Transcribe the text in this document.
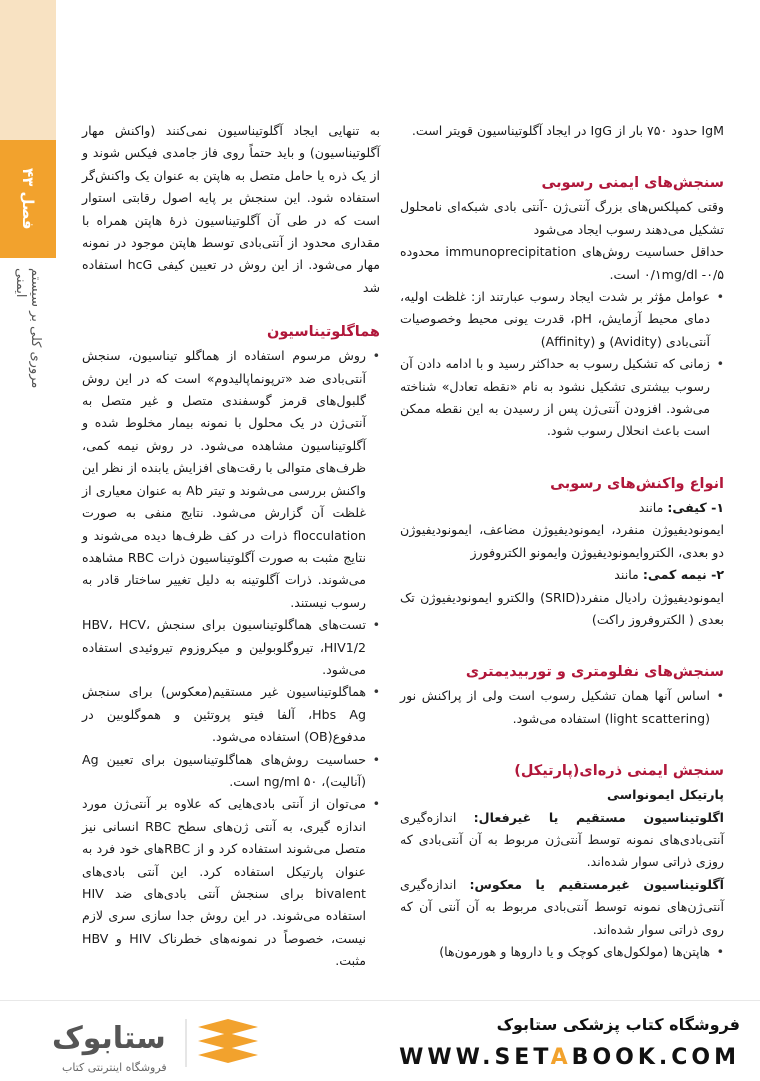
فصل ۴۳
مروری کلی بر سیستم ایمنی

IgM حدود ۷۵۰ بار از IgG در ایجاد آگلوتیناسیون قویتر است.

سنجش‌های ایمنی رسوبی

وقتی کمپلکس‌های بزرگ آنتی‌ژن -آنتی بادی شبکه‌ای نامحلول تشکیل می‌دهند رسوب ایجاد می‌شود

حداقل حساسیت روش‌های immunoprecipitation محدوده ۰/۱mg/dl -۰/۵ است.

• عوامل مؤثر بر شدت ایجاد رسوب عبارتند از: غلظت اولیه، دمای محیط آزمایش، pH، قدرت یونی محیط وخصوصیات آنتی‌بادی (Avidity) و (Affinity)
• زمانی که تشکیل رسوب به حداکثر رسید و با ادامه دادن آن رسوب بیشتری تشکیل نشود به نام «نقطه تعادل» شناخته می‌شود. افزودن آنتی‌ژن پس از رسیدن به این نقطه ممکن است باعث انحلال رسوب شود.
انواع واکنش‌های رسوبی

۱- کیفی: مانند

ایمونودیفیوژن منفرد، ایمونودیفیوژن مضاعف، ایمونودیفیوژن دو بعدی، الکتروایمونودیفیوژن وایمونو الکتروفورز

۲- نیمه کمی: مانند

ایمونودیفیوژن رادیال منفرد(SRID) والکترو ایمونودیفیوژن تک بعدی ( الکتروفروز راکت)

سنجش‌های نفلومتری و توربیدیمتری
• اساس آنها همان تشکیل رسوب است ولی از پراکنش نور (light scattering) استفاده می‌شود.
سنجش ایمنی ذره‌ای(پارتیکل)

پارتیکل ایمونواسی

اگلوتیناسیون مستقیم یا غیرفعال: اندازه‌گیری آنتی‌بادی‌های نمونه توسط آنتی‌ژن مربوط به آن آنتی‌بادی که روزی ذراتی سوار شده‌اند.

آگلوتیناسیون غیرمستقیم یا معکوس: اندازه‌گیری آنتی‌ژن‌های نمونه توسط آنتی‌بادی مربوط به آن آنتی آن که روی ذراتی سوار شده‌اند.

• هاپتن‌ها (مولکول‌های کوچک و یا داروها و هورمون‌ها)

به تنهایی ایجاد آگلوتیناسیون نمی‌کنند (واکنش مهار آگلوتیناسیون) و باید حتماً روی فاز جامدی فیکس شوند و از یک ذره یا حامل متصل به هاپتن به عنوان یک واکنش‌گر استفاده شود. این سنجش بر پایه اصول رقابتی استوار است که در طی آن آگلوتیناسیون ذرهٔ هاپتن همراه با مقداری محدود از آنتی‌بادی توسط هاپتن موجود در نمونه مهار می‌شود. از این روش در تعیین کیفی hcG استفاده شد

هماگلوتیناسیون
• روش مرسوم استفاده از هماگلو تیناسیون، سنجش آنتی‌بادی ضد «ترپونماپالیدوم» است که در این روش گلبول‌های قرمز گوسفندی متصل و غیر متصل به آنتی‌ژن در یک محلول با نمونه بیمار مخلوط شده و آگلوتیناسیون مشاهده می‌شود. در روش نیمه کمی، ظرف‌های متوالی با رقت‌های افزایش یابنده از نظر این واکنش بررسی می‌شوند و تیتر Ab به عنوان معیاری از غلظت آن گزارش می‌شود. نتایج منفی به صورت flocculation ذرات در کف ظرف‌ها دیده می‌شوند و نتایج مثبت به صورت آگلوتیناسیون ذرات RBC مشاهده می‌شوند. ذرات آگلوتینه به دلیل تغییر ساختار قادر به رسوب نیستند.
• تست‌های هماگلوتیناسیون برای سنجش HBV، HCV، HIV1/2، تیروگلوبولین و میکروزوم تیروئیدی استفاده می‌شود.
• هماگلوتیناسیون غیر مستقیم(معکوس) برای سنجش Hbs Ag، آلفا فیتو پروتئین و هموگلوبین در مدفوع(OB) استفاده می‌شود.
• حساسیت روش‌های هماگلوتیناسیون برای تعیین Ag (آنالیت)، ۵۰ ng/ml است.
• می‌توان از آنتی بادی‌هایی که علاوه بر آنتی‌ژن مورد اندازه گیری، به آنتی ژن‌های سطح RBC انسانی نیز متصل می‌شوند استفاده کرد و از RBCهای خود فرد به عنوان پارتیکل استفاده کرد. این آنتی بادی‌های bivalent برای سنجش آنتی بادی‌های ضد HIV استفاده می‌شوند. در این روش جدا سازی سری لازم نیست، خصوصاً در نمونه‌های خطرناک HIV و HBV مثبت.
ستابوک
فروشگاه اینترنتی کتاب
فروشگاه کتاب پزشکی ستابوک
WWW.SETABOOK.COM
